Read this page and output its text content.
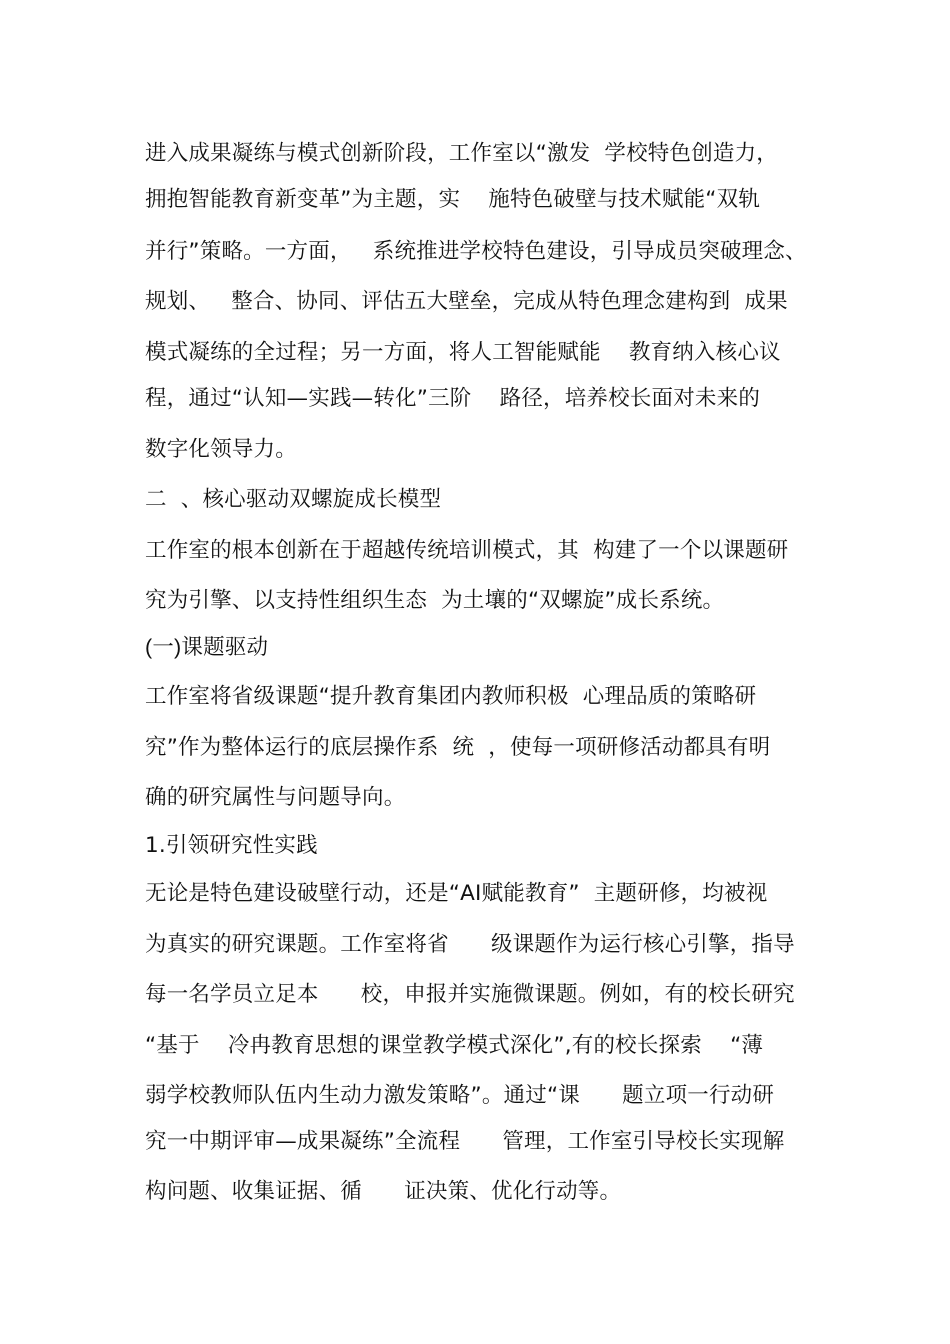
进入成果凝练与模式创新阶段，工作室以“激发  学校特色创造力，
拥抱智能教育新变革”为主题，实    施特色破壁与技术赋能“双轨
并行”策略。一方面，   系统推进学校特色建设，引导成员突破理念、
规划、   整合、协同、评估五大壁垒，完成从特色理念建构到  成果
模式凝练的全过程；另一方面，将人工智能赋能    教育纳入核心议
程，通过“认知—实践—转化”三阶    路径，培养校长面对未来的
数字化领导力。
二  、核心驱动双螺旋成长模型
工作室的根本创新在于超越传统培训模式，其  构建了一个以课题研
究为引擎、以支持性组织生态  为土壤的“双螺旋”成长系统。
(一)课题驱动
工作室将省级课题“提升教育集团内教师积极  心理品质的策略研
究”作为整体运行的底层操作系  统  ，使每一项研修活动都具有明
确的研究属性与问题导向。
1.引领研究性实践
无论是特色建设破壁行动，还是“AI赋能教育”  主题研修，均被视
为真实的研究课题。工作室将省      级课题作为运行核心引擎，指导
每一名学员立足本      校，申报并实施微课题。例如，有的校长研究
“基于    冷冉教育思想的课堂教学模式深化”,有的校长探索    “薄
弱学校教师队伍内生动力激发策略”。通过“课      题立项一行动研
究一中期评审—成果凝练”全流程      管理，工作室引导校长实现解
构问题、收集证据、循      证决策、优化行动等。
